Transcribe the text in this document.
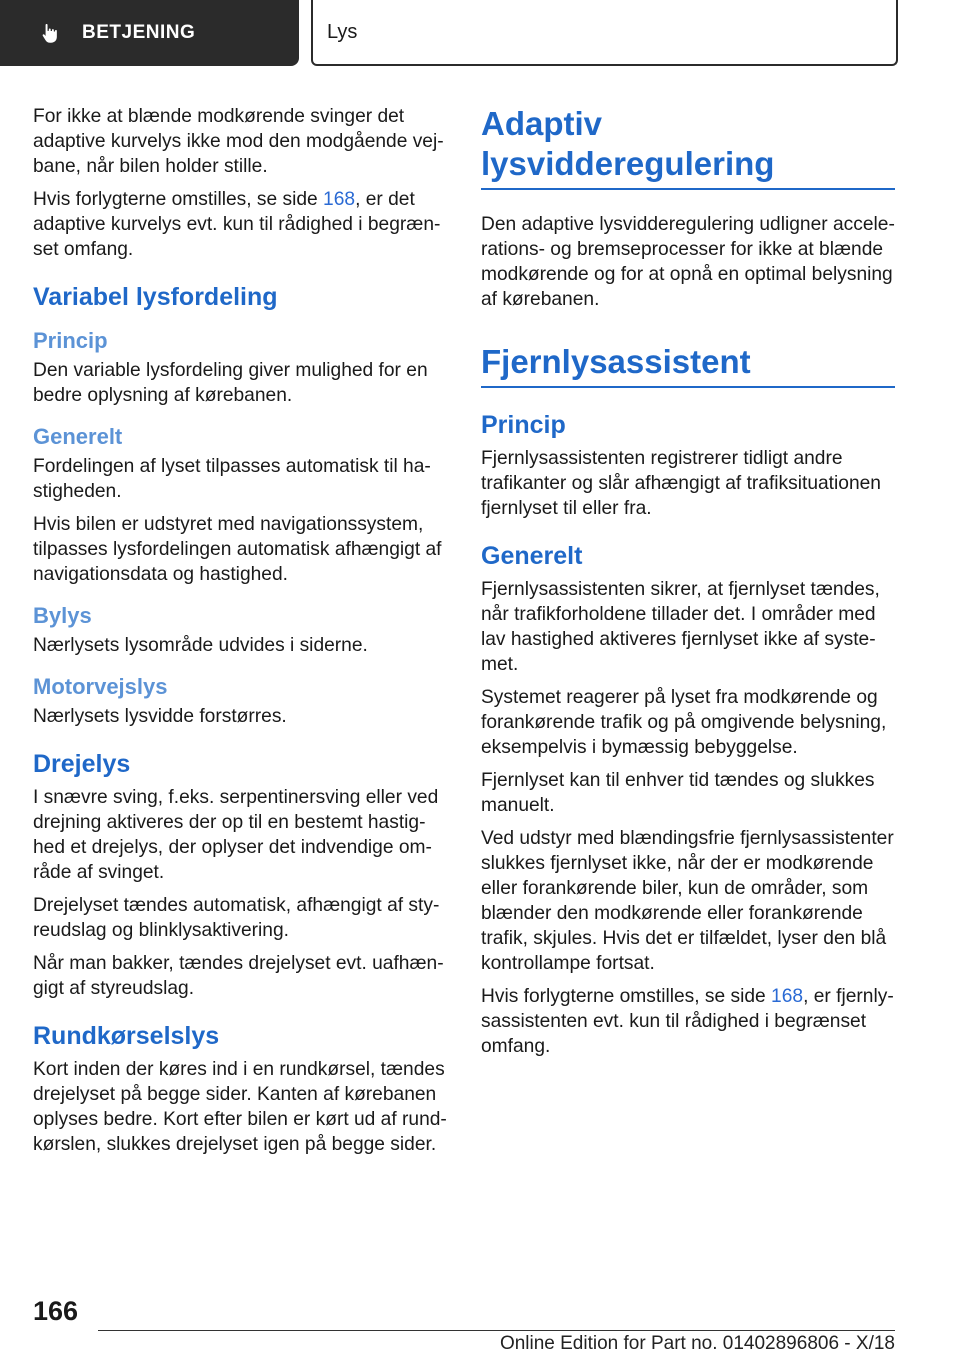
BETJENING	Lys

For ikke at blænde modkørende svinger det adaptive kurvelys ikke mod den modgående vejbane, når bilen holder stille.

Hvis forlygterne omstilles, se side 168, er det adaptive kurvelys evt. kun til rådighed i begrænset omfang.

Variabel lysfordeling
Princip

Den variable lysfordeling giver mulighed for en bedre oplysning af kørebanen.

Generelt

Fordelingen af lyset tilpasses automatisk til hastigheden.

Hvis bilen er udstyret med navigationssystem, tilpasses lysfordelingen automatisk afhængigt af navigationsdata og hastighed.

Bylys

Nærlysets lysområde udvides i siderne.

Motorvejslys

Nærlysets lysvidde forstørres.

Drejelys

I snævre sving, f.eks. serpentinersving eller ved drejning aktiveres der op til en bestemt hastighed et drejelys, der oplyser det indvendige område af svinget.

Drejelyset tændes automatisk, afhængigt af styreudslag og blinklysaktivering.

Når man bakker, tændes drejelyset evt. uafhængigt af styreudslag.

Rundkørselslys

Kort inden der køres ind i en rundkørsel, tændes drejelyset på begge sider. Kanten af kørebanen oplyses bedre. Kort efter bilen er kørt ud af rundkørslen, slukkes drejelyset igen på begge sider.

Adaptiv lysvidderegulering

Den adaptive lysvidderegulering udligner accelerations- og bremseprocesser for ikke at blænde modkørende og for at opnå en optimal belysning af kørebanen.

Fjernlysassistent
Princip

Fjernlysassistenten registrerer tidligt andre trafikanter og slår afhængigt af trafiksituationen fjernlyset til eller fra.

Generelt

Fjernlysassistenten sikrer, at fjernlyset tændes, når trafikforholdene tillader det. I områder med lav hastighed aktiveres fjernlyset ikke af systemet.

Systemet reagerer på lyset fra modkørende og forankørende trafik og på omgivende belysning, eksempelvis i bymæssig bebyggelse.

Fjernlyset kan til enhver tid tændes og slukkes manuelt.

Ved udstyr med blændingsfrie fjernlysassistenter slukkes fjernlyset ikke, når der er modkørende eller forankørende biler, kun de områder, som blænder den modkørende eller forankørende trafik, skjules. Hvis det er tilfældet, lyser den blå kontrollampe fortsat.

Hvis forlygterne omstilles, se side 168, er fjernlysassistenten evt. kun til rådighed i begrænset omfang.

166
Online Edition for Part no. 01402896806 - X/18
